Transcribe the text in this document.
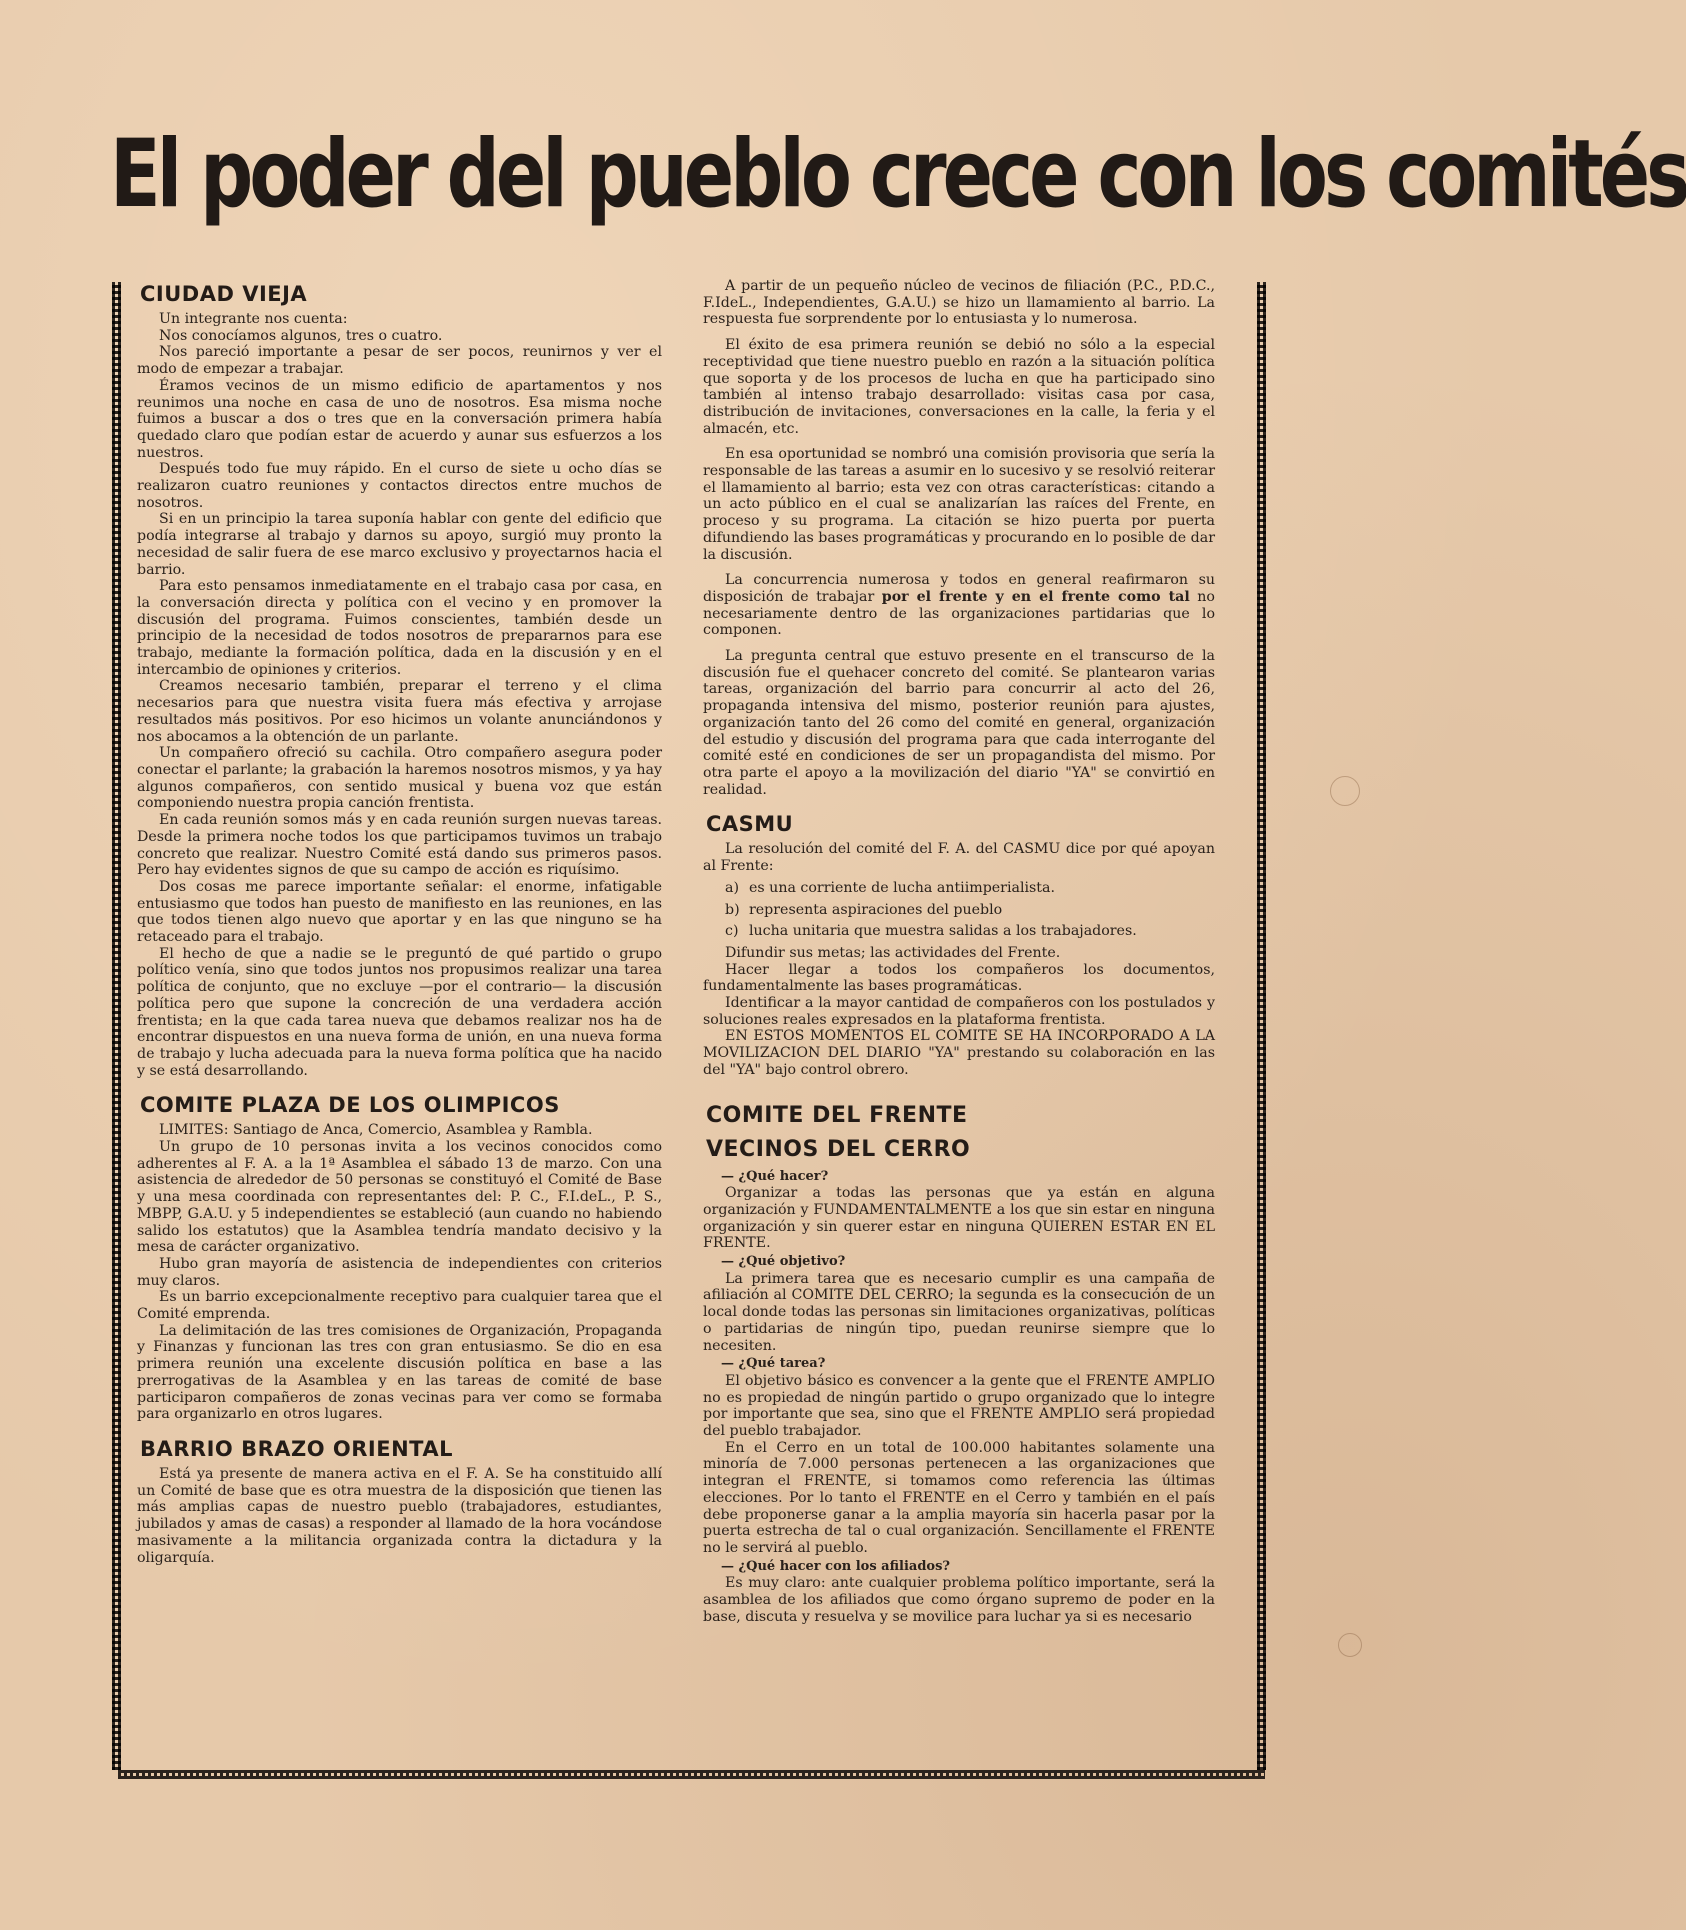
El poder del pueblo crece con los comités
CIUDAD VIEJA

Un integrante nos cuenta:

Nos conocíamos algunos, tres o cuatro.

Nos pareció importante a pesar de ser pocos, reunirnos y ver el modo de empezar a trabajar.

Éramos vecinos de un mismo edificio de apartamentos y nos reunimos una noche en casa de uno de nosotros. Esa misma noche fuimos a buscar a dos o tres que en la conversación primera había quedado claro que podían estar de acuerdo y aunar sus esfuerzos a los nuestros.

Después todo fue muy rápido. En el curso de siete u ocho días se realizaron cuatro reuniones y contactos directos entre muchos de nosotros.

Si en un principio la tarea suponía hablar con gente del edificio que podía integrarse al trabajo y darnos su apoyo, surgió muy pronto la necesidad de salir fuera de ese marco exclusivo y proyectarnos hacia el barrio.

Para esto pensamos inmediatamente en el trabajo casa por casa, en la conversación directa y política con el vecino y en promover la discusión del programa. Fuimos conscientes, también desde un principio de la necesidad de todos nosotros de prepararnos para ese trabajo, mediante la formación política, dada en la discusión y en el intercambio de opiniones y criterios.

Creamos necesario también, preparar el terreno y el clima necesarios para que nuestra visita fuera más efectiva y arrojase resultados más positivos. Por eso hicimos un volante anunciándonos y nos abocamos a la obtención de un parlante.

Un compañero ofreció su cachila. Otro compañero asegura poder conectar el parlante; la grabación la haremos nosotros mismos, y ya hay algunos compañeros, con sentido musical y buena voz que están componiendo nuestra propia canción frentista.

En cada reunión somos más y en cada reunión surgen nuevas tareas. Desde la primera noche todos los que participamos tuvimos un trabajo concreto que realizar. Nuestro Comité está dando sus primeros pasos. Pero hay evidentes signos de que su campo de acción es riquísimo.

Dos cosas me parece importante señalar: el enorme, infatigable entusiasmo que todos han puesto de manifiesto en las reuniones, en las que todos tienen algo nuevo que aportar y en las que ninguno se ha retaceado para el trabajo.

El hecho de que a nadie se le preguntó de qué partido o grupo político venía, sino que todos juntos nos propusimos realizar una tarea política de conjunto, que no excluye —por el contrario— la discusión política pero que supone la concreción de una verdadera acción frentista; en la que cada tarea nueva que debamos realizar nos ha de encontrar dispuestos en una nueva forma de unión, en una nueva forma de trabajo y lucha adecuada para la nueva forma política que ha nacido y se está desarrollando.

COMITE PLAZA DE LOS OLIMPICOS

LIMITES: Santiago de Anca, Comercio, Asamblea y Rambla.

Un grupo de 10 personas invita a los vecinos conocidos como adherentes al F. A. a la 1ª Asamblea el sábado 13 de marzo. Con una asistencia de alrededor de 50 personas se constituyó el Comité de Base y una mesa coordinada con representantes del: P. C., F.I.deL., P. S., MBPP, G.A.U. y 5 independientes se estableció (aun cuando no habiendo salido los estatutos) que la Asamblea tendría mandato decisivo y la mesa de carácter organizativo.

Hubo gran mayoría de asistencia de independientes con criterios muy claros.

Es un barrio excepcionalmente receptivo para cualquier tarea que el Comité emprenda.

La delimitación de las tres comisiones de Organización, Propaganda y Finanzas y funcionan las tres con gran entusiasmo. Se dio en esa primera reunión una excelente discusión política en base a las prerrogativas de la Asamblea y en las tareas de comité de base participaron compañeros de zonas vecinas para ver como se formaba para organizarlo en otros lugares.

BARRIO BRAZO ORIENTAL

Está ya presente de manera activa en el F. A. Se ha constituido allí un Comité de base que es otra muestra de la disposición que tienen las más amplias capas de nuestro pueblo (trabajadores, estudiantes, jubilados y amas de casas) a responder al llamado de la hora vocándose masivamente a la militancia organizada contra la dictadura y la oligarquía.

A partir de un pequeño núcleo de vecinos de filiación (P.C., P.D.C., F.IdeL., Independientes, G.A.U.) se hizo un llamamiento al barrio. La respuesta fue sorprendente por lo entusiasta y lo numerosa.

El éxito de esa primera reunión se debió no sólo a la especial receptividad que tiene nuestro pueblo en razón a la situación política que soporta y de los procesos de lucha en que ha participado sino también al intenso trabajo desarrollado: visitas casa por casa, distribución de invitaciones, conversaciones en la calle, la feria y el almacén, etc.

En esa oportunidad se nombró una comisión provisoria que sería la responsable de las tareas a asumir en lo sucesivo y se resolvió reiterar el llamamiento al barrio; esta vez con otras características: citando a un acto público en el cual se analizarían las raíces del Frente, en proceso y su programa. La citación se hizo puerta por puerta difundiendo las bases programáticas y procurando en lo posible de dar la discusión.

La concurrencia numerosa y todos en general reafirmaron su disposición de trabajar por el frente y en el frente como tal no necesariamente dentro de las organizaciones partidarias que lo componen.

La pregunta central que estuvo presente en el transcurso de la discusión fue el quehacer concreto del comité. Se plantearon varias tareas, organización del barrio para concurrir al acto del 26, propaganda intensiva del mismo, posterior reunión para ajustes, organización tanto del 26 como del comité en general, organización del estudio y discusión del programa para que cada interrogante del comité esté en condiciones de ser un propagandista del mismo. Por otra parte el apoyo a la movilización del diario "YA" se convirtió en realidad.

CASMU

La resolución del comité del F. A. del CASMU dice por qué apoyan al Frente:

a) es una corriente de lucha antiimperialista.
b) representa aspiraciones del pueblo
c) lucha unitaria que muestra salidas a los trabajadores.

Difundir sus metas; las actividades del Frente.

Hacer llegar a todos los compañeros los documentos, fundamentalmente las bases programáticas.

Identificar a la mayor cantidad de compañeros con los postulados y soluciones reales expresados en la plataforma frentista.

EN ESTOS MOMENTOS EL COMITE SE HA INCORPORADO A LA MOVILIZACION DEL DIARIO "YA" prestando su colaboración en las del "YA" bajo control obrero.

COMITE DEL FRENTE
VECINOS DEL CERRO

— ¿Qué hacer?

Organizar a todas las personas que ya están en alguna organización y FUNDAMENTALMENTE a los que sin estar en ninguna organización y sin querer estar en ninguna QUIEREN ESTAR EN EL FRENTE.

— ¿Qué objetivo?

La primera tarea que es necesario cumplir es una campaña de afiliación al COMITE DEL CERRO; la segunda es la consecución de un local donde todas las personas sin limitaciones organizativas, políticas o partidarias de ningún tipo, puedan reunirse siempre que lo necesiten.

— ¿Qué tarea?

El objetivo básico es convencer a la gente que el FRENTE AMPLIO no es propiedad de ningún partido o grupo organizado que lo integre por importante que sea, sino que el FRENTE AMPLIO será propiedad del pueblo trabajador.

En el Cerro en un total de 100.000 habitantes solamente una minoría de 7.000 personas pertenecen a las organizaciones que integran el FRENTE, si tomamos como referencia las últimas elecciones. Por lo tanto el FRENTE en el Cerro y también en el país debe proponerse ganar a la amplia mayoría sin hacerla pasar por la puerta estrecha de tal o cual organización. Sencillamente el FRENTE no le servirá al pueblo.

— ¿Qué hacer con los afiliados?

Es muy claro: ante cualquier problema político importante, será la asamblea de los afiliados que como órgano supremo de poder en la base, discuta y resuelva y se movilice para luchar ya si es necesario
